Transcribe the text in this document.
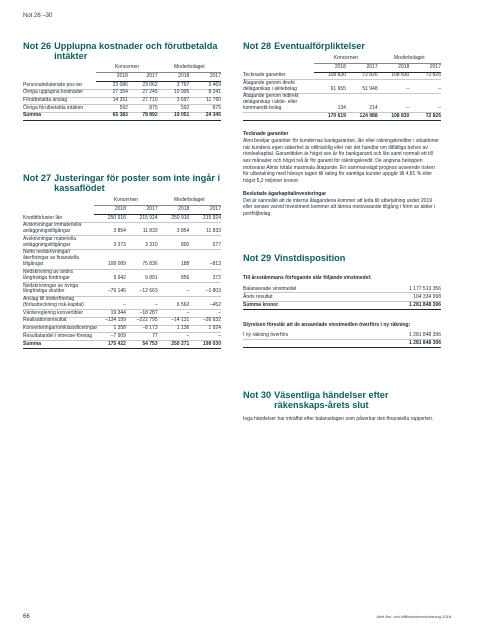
Not 26 –30
Not 26 Upplupna kostnader och förutbetalda intäkter
	Koncernen		Moderbolaget	
	2018	2017	2018	2017
Personalrelaterade pos-ter	23 086	23 062	3 767	3 469
Övriga upplupna kostnader	27 354	27 245	10 995	8 241
Förutbetalda anslag	14 351	27 710	3 697	11 760
Övriga förutbetalda intäkter	592	875	592	875
Summa	65 383	78 892	19 051	24 345
Not 27 Justeringar för poster som inte ingår i kassaflödet
	Koncernen		Moderbolaget	
	2018	2017	2018	2017
Kreditförluster lån	250 916	215 924	250 916	215 924
Avskrivningar immateriella anläggningstillgångar	3 854	11 833	3 854	11 833
Avskrivningar materiella anläggningstillgångar	3 373	3 310	890	677
Netto nedskrivningar/återföringar av finansiella tillgångar	108 089	75 836	188	–813
Nedskrivning av andra långfristiga fordringar	9 942	9 891	856	372
Nedskrivningar av övriga långfristiga skulder	–79 146	–12 663	–	–1 803
Anslag till dotterföretag (förlustteckning risk-kapital)	–	–	6 562	–452
Värdereglering konvertibler	19 344	–18 287	–	–
Realisationsresultat	–134 199	–222 795	–14 131	–26 632
Konverteringar/omklassificeringar	1 358	–8 173	1 136	1 924
Resultatandel i intresse-företag	–7 909	77	–	–
Summa	175 422	54 753	250 271	199 030
Not 28 Eventualförpliktelser
	Koncernen		Moderbolaget	
	2018	2017	2018	2017
Tecknade garantier	108 830	72 826	108 830	72 826
Åtagande genom direkt delägarskap i aktiebolag	61 655	51 948	–	–
Åtagande genom indirekt delägarskap i aktie- eller kommandit-bolag	134	214	–	–
	170 619	124 988	108 830	72 826

Tecknade garantier

Almi beviljar garantier för kundernas bankgarantier, lån eller räkningskrediter i situationer när kundens egen säkerhet är otillräcklig eller när det handlar om tillfälliga behov av rörelsekapital. Garantitiden är högst sex år för bankgaranti och lån samt normalt ett till sex månader och högst två år för garanti för räkningskredit. De angivna beloppen motsvarar Almis totala maximala åtagande. En sammanvägd prognos avseende risken för utbetalning med hänsyn tagen till rating för samtliga kunder uppgår till 4,81 % eller högst 5,2 miljoner kronor.

Beslutade ägarkapitalinvesteringar

Det är sannolikt att de interna åtagandena kommer att leda till utbetalning under 2019 eller senare varvid Investment kommer att lämna motsvarande tillgång i form av aktier i portföljbolag.

Not 29 Vinstdisposition
Till årsstämmans förfogande står följande vinstmedel:
Balanserade vinstmedel	1 177 513 356
Årets resultat	104 334 998
Summa kronor	1 281 848 396
Styrelsen föreslår att de ansamlade vinstmedlen överförs i ny räkning:
I ny räkning överförs	1 281 848 396
1 281 848 396
Not 30 Väsentliga händelser efter räkenskaps-årets slut
Inga händelser har inträffat efter balansdagen som påverkar den finansiella rapporten.
66	Almi års- och hållbarhetsredovisning 2018
